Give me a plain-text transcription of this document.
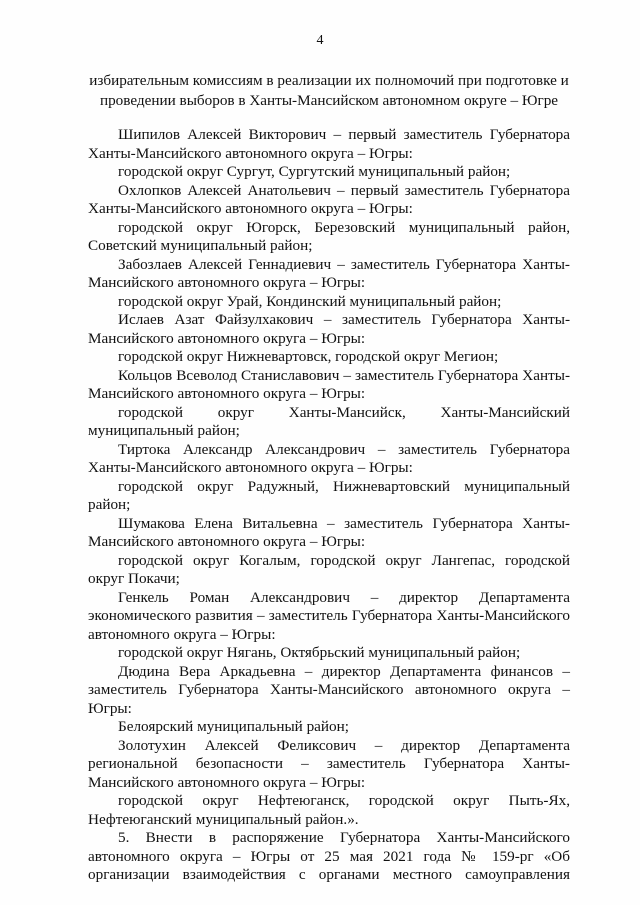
4
избирательным комиссиям в реализации их полномочий при подготовке и проведении выборов в Ханты-Мансийском автономном округе – Югре

Шипилов Алексей Викторович – первый заместитель Губернатора Ханты-Мансийского автономного округа – Югры:

городской округ Сургут, Сургутский муниципальный район;

Охлопков Алексей Анатольевич – первый заместитель Губернатора Ханты-Мансийского автономного округа – Югры:

городской округ Югорск, Березовский муниципальный район, Советский муниципальный район;

Забозлаев Алексей Геннадиевич – заместитель Губернатора Ханты-Мансийского автономного округа – Югры:

городской округ Урай, Кондинский муниципальный район;

Ислаев Азат Файзулхакович – заместитель Губернатора Ханты-Мансийского автономного округа – Югры:

городской округ Нижневартовск, городской округ Мегион;

Кольцов Всеволод Станиславович – заместитель Губернатора Ханты-Мансийского автономного округа – Югры:

городской округ Ханты-Мансийск, Ханты-Мансийский муниципальный район;

Тиртока Александр Александрович – заместитель Губернатора Ханты-Мансийского автономного округа – Югры:

городской округ Радужный, Нижневартовский муниципальный район;

Шумакова Елена Витальевна – заместитель Губернатора Ханты-Мансийского автономного округа – Югры:

городской округ Когалым, городской округ Лангепас, городской округ Покачи;

Генкель Роман Александрович – директор Департамента экономического развития – заместитель Губернатора Ханты-Мансийского автономного округа – Югры:

городской округ Нягань, Октябрьский муниципальный район;

Дюдина Вера Аркадьевна – директор Департамента финансов – заместитель Губернатора Ханты-Мансийского автономного округа – Югры:

Белоярский муниципальный район;

Золотухин Алексей Феликсович – директор Департамента региональной безопасности – заместитель Губернатора Ханты-Мансийского автономного округа – Югры:

городской округ Нефтеюганск, городской округ Пыть-Ях, Нефтеюганский муниципальный район.».

5. Внести в распоряжение Губернатора Ханты-Мансийского автономного округа – Югры от 25 мая 2021 года № 159-рг «Об организации взаимодействия с органами местного самоуправления
